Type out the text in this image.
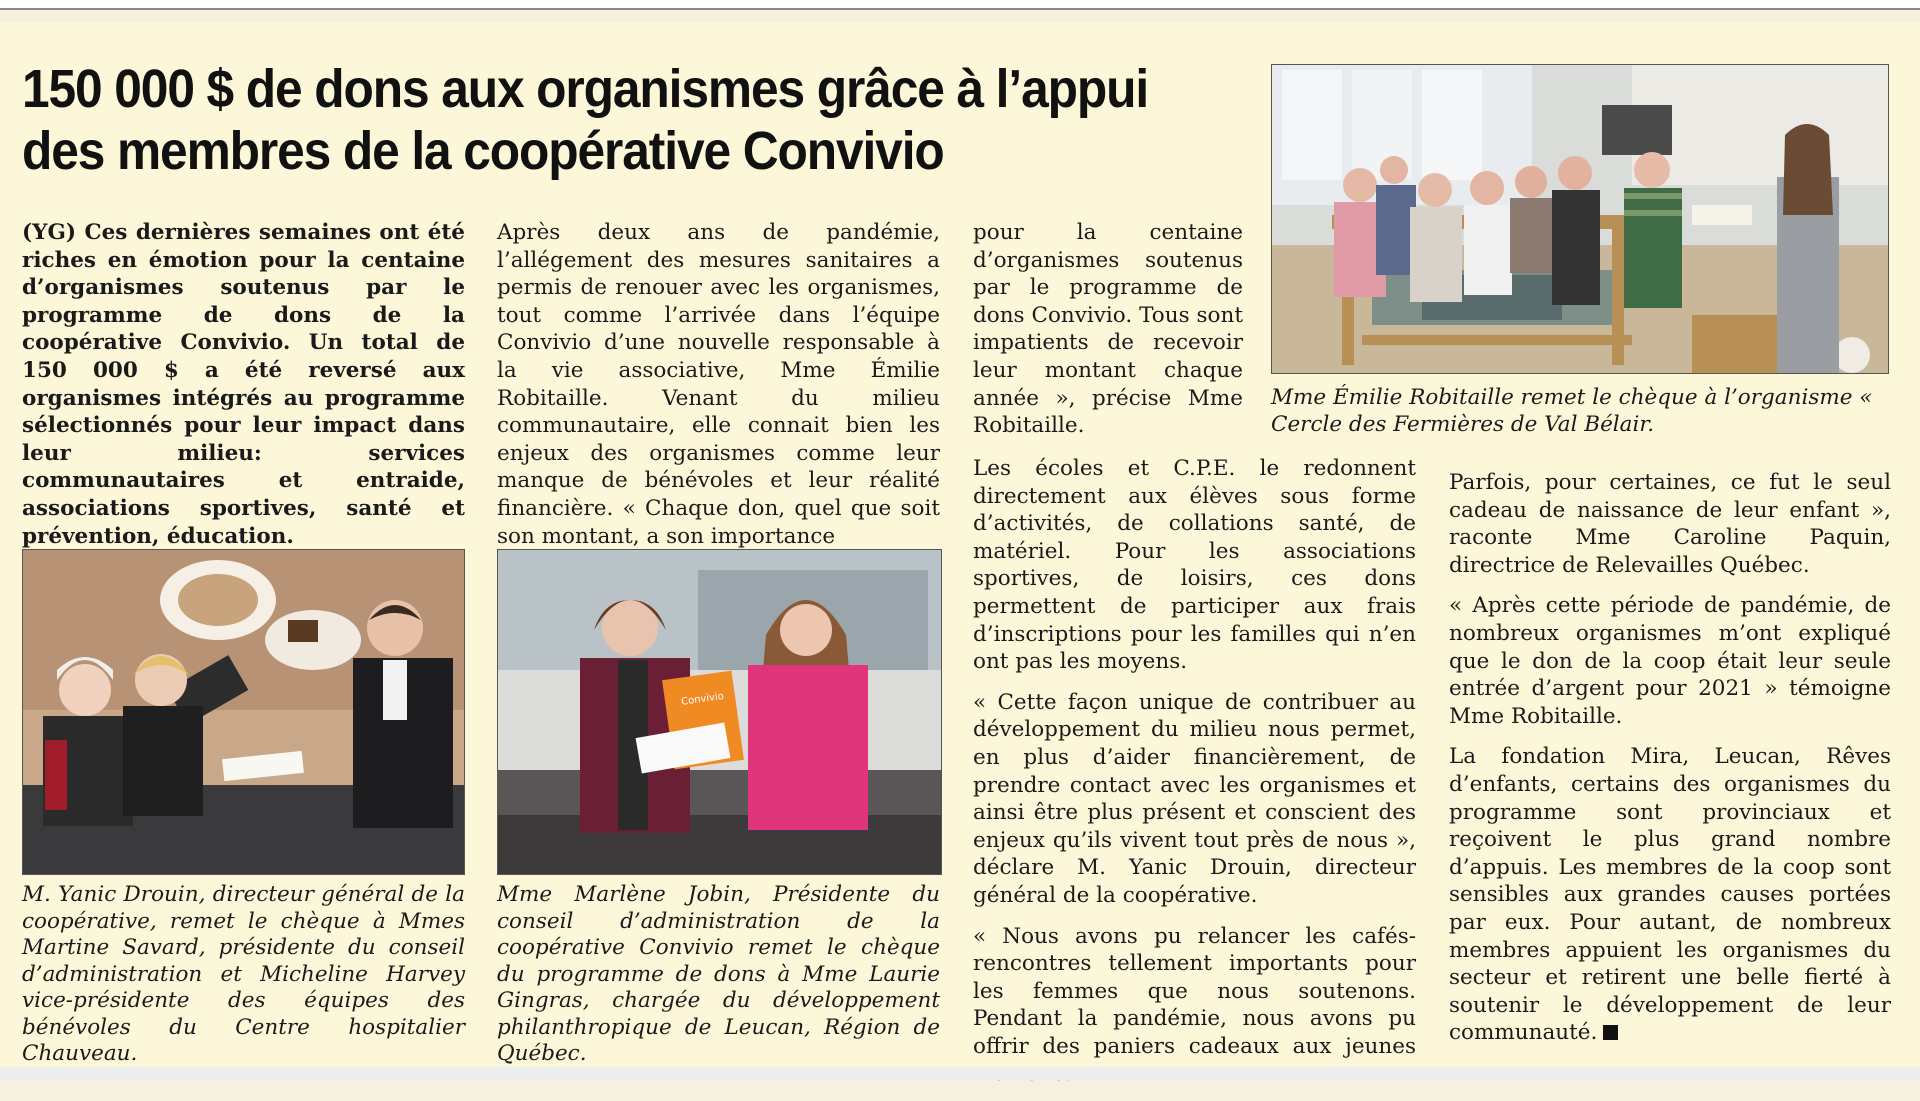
150 000 $ de dons aux organismes grâce à l’appui des membres de la coopérative Convivio

Mme Émilie Robitaille remet le chèque à l’organisme « Cercle des Fermières de Val Bélair.

(YG) Ces dernières semaines ont été riches en émotion pour la centaine d’organismes soutenus par le programme de dons de la coopérative Convivio. Un total de 150 000 $ a été reversé aux organismes intégrés au programme sélectionnés pour leur impact dans leur milieu: services communautaires et entraide, associations sportives, santé et prévention, éducation.

M. Yanic Drouin, directeur général de la coopérative, remet le chèque à Mmes Martine Savard, présidente du conseil d’administration et Micheline Harvey vice-présidente des équipes des bénévoles du Centre hospitalier Chauveau.

Après deux ans de pandémie, l’allégement des mesures sanitaires a permis de renouer avec les organismes, tout comme l’arrivée dans l’équipe Convivio d’une nouvelle responsable à la vie associative, Mme Émilie Robitaille. Venant du milieu communautaire, elle connait bien les enjeux des organismes comme leur manque de bénévoles et leur réalité financière. « Chaque don, quel que soit son montant, a son importance

Convivio

Mme Marlène Jobin, Présidente du conseil d’administration de la coopérative Convivio remet le chèque du programme de dons à Mme Laurie Gingras, chargée du développement philanthropique de Leucan, Région de Québec.

pour la centaine d’organismes soutenus par le programme de dons Convivio. Tous sont impatients de recevoir leur montant chaque année », précise Mme Robitaille.

Les écoles et C.P.E. le redonnent directement aux élèves sous forme d’activités, de collations santé, de matériel. Pour les associations sportives, de loisirs, ces dons permettent de participer aux frais d’inscriptions pour les familles qui n’en ont pas les moyens.

« Cette façon unique de contribuer au développement du milieu nous permet, en plus d’aider financièrement, de prendre contact avec les organismes et ainsi être plus présent et conscient des enjeux qu’ils vivent tout près de nous », déclare M. Yanic Drouin, directeur général de la coopérative.

« Nous avons pu relancer les cafés-rencontres tellement importants pour les femmes que nous soutenons. Pendant la pandémie, nous avons pu offrir des paniers cadeaux aux jeunes

Parfois, pour certaines, ce fut le seul cadeau de naissance de leur enfant », raconte Mme Caroline Paquin, directrice de Relevailles Québec.

« Après cette période de pandémie, de nombreux organismes m’ont expliqué que le don de la coop était leur seule entrée d’argent pour 2021 » témoigne Mme Robitaille.

La fondation Mira, Leucan, Rêves d’enfants, certains des organismes du programme sont provinciaux et reçoivent le plus grand nombre d’appuis. Les membres de la coop sont sensibles aux grandes causes portées par eux. Pour autant, de nombreux membres appuient les organismes du secteur et retirent une belle fierté à soutenir le développement de leur communauté.
